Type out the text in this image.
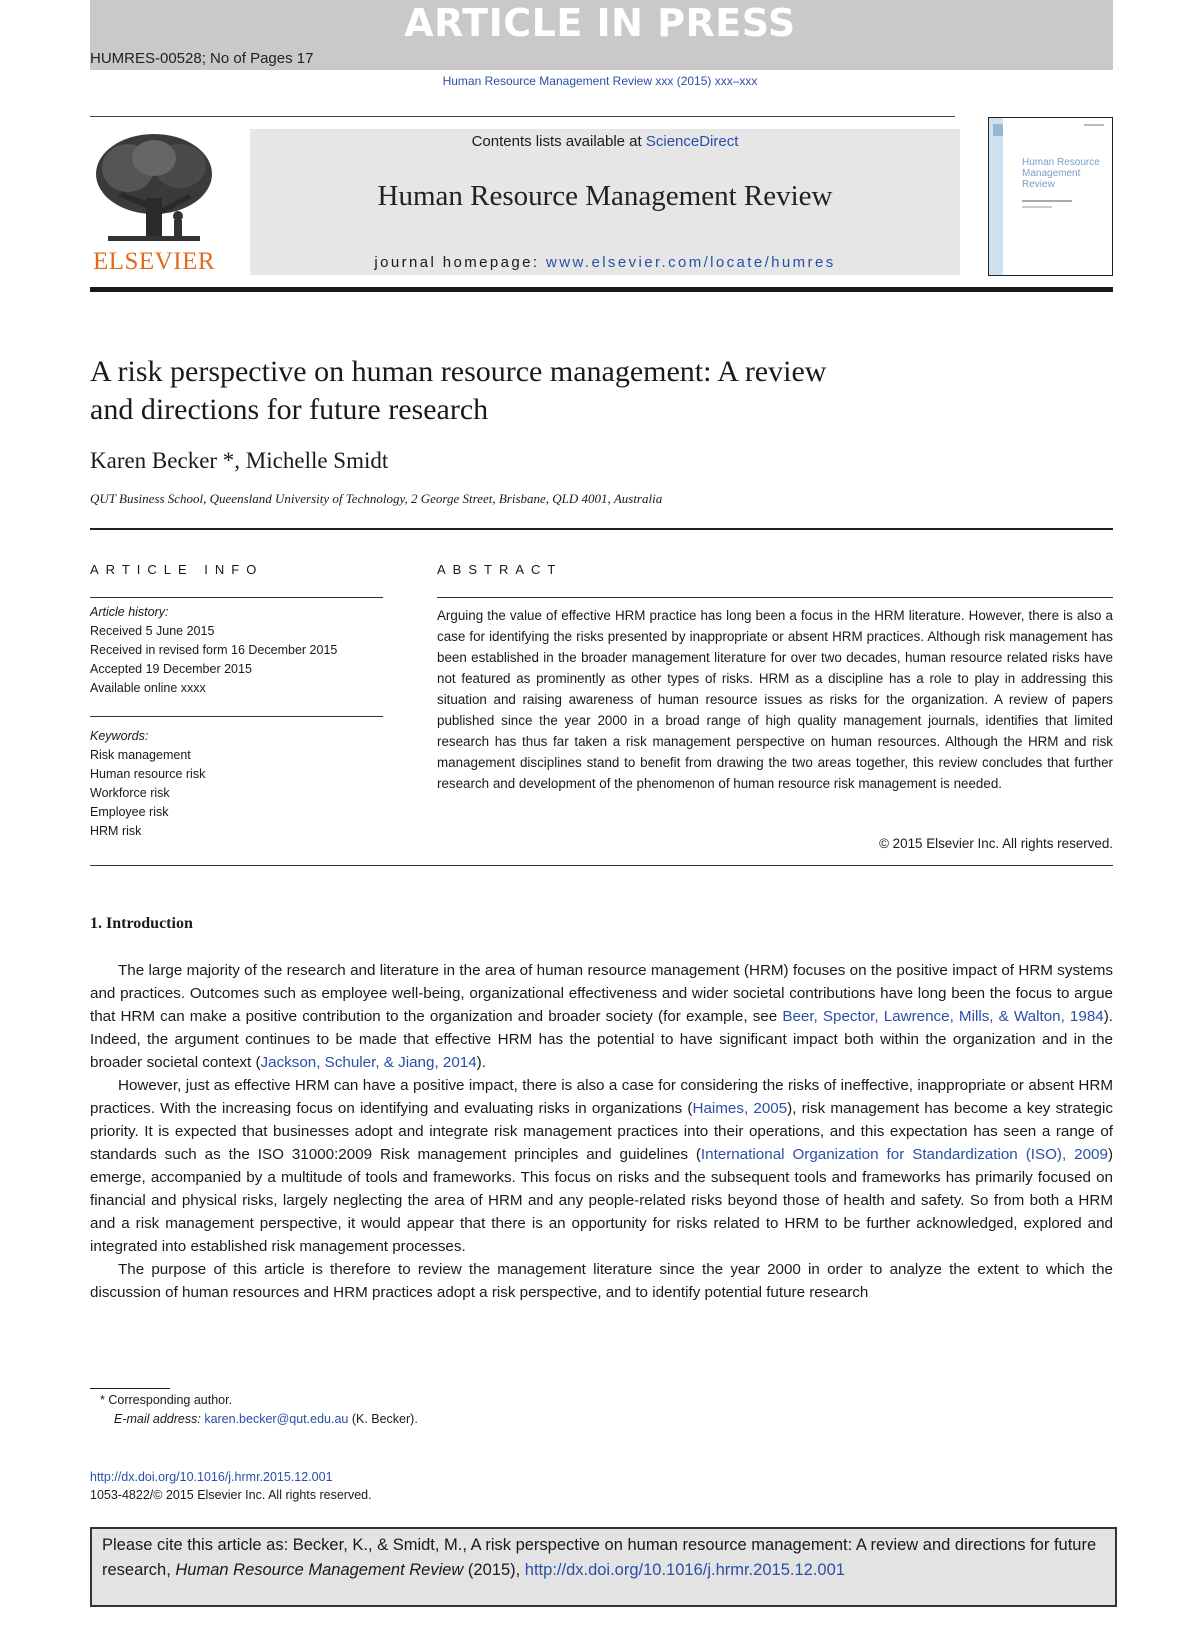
ARTICLE IN PRESS
HUMRES-00528; No of Pages 17
Human Resource Management Review xxx (2015) xxx–xxx
ELSEVIER
Contents lists available at ScienceDirect
Human Resource Management Review
journal homepage: www.elsevier.com/locate/humres
Human Resource Management Review
A risk perspective on human resource management: A review
and directions for future research
Karen Becker *, Michelle Smidt
QUT Business School, Queensland University of Technology, 2 George Street, Brisbane, QLD 4001, Australia
ARTICLE INFO	ABSTRACT
Article history:
Received 5 June 2015
Received in revised form 16 December 2015
Accepted 19 December 2015
Available online xxxx
Keywords:
Risk management
Human resource risk
Workforce risk
Employee risk
HRM risk

Arguing the value of effective HRM practice has long been a focus in the HRM literature. However, there is also a case for identifying the risks presented by inappropriate or absent HRM practices. Although risk management has been established in the broader management literature for over two decades, human resource related risks have not featured as prominently as other types of risks. HRM as a discipline has a role to play in addressing this situation and raising awareness of human resource issues as risks for the organization. A review of papers published since the year 2000 in a broad range of high quality management journals, identifies that limited research has thus far taken a risk management perspective on human resources. Although the HRM and risk management disciplines stand to benefit from drawing the two areas together, this review concludes that further research and development of the phenomenon of human resource risk management is needed.

© 2015 Elsevier Inc. All rights reserved.
1. Introduction

The large majority of the research and literature in the area of human resource management (HRM) focuses on the positive impact of HRM systems and practices. Outcomes such as employee well-being, organizational effectiveness and wider societal contributions have long been the focus to argue that HRM can make a positive contribution to the organization and broader society (for example, see Beer, Spector, Lawrence, Mills, & Walton, 1984). Indeed, the argument continues to be made that effective HRM has the potential to have significant impact both within the organization and in the broader societal context (Jackson, Schuler, & Jiang, 2014).

However, just as effective HRM can have a positive impact, there is also a case for considering the risks of ineffective, inappropriate or absent HRM practices. With the increasing focus on identifying and evaluating risks in organizations (Haimes, 2005), risk management has become a key strategic priority. It is expected that businesses adopt and integrate risk management practices into their operations, and this expectation has seen a range of standards such as the ISO 31000:2009 Risk management principles and guidelines (International Organization for Standardization (ISO), 2009) emerge, accompanied by a multitude of tools and frameworks. This focus on risks and the subsequent tools and frameworks has primarily focused on financial and physical risks, largely neglecting the area of HRM and any people-related risks beyond those of health and safety. So from both a HRM and a risk management perspective, it would appear that there is an opportunity for risks related to HRM to be further acknowledged, explored and integrated into established risk management processes.

The purpose of this article is therefore to review the management literature since the year 2000 in order to analyze the extent to which the discussion of human resources and HRM practices adopt a risk perspective, and to identify potential future research

* Corresponding author.
E-mail address: karen.becker@qut.edu.au (K. Becker).
http://dx.doi.org/10.1016/j.hrmr.2015.12.001
1053-4822/© 2015 Elsevier Inc. All rights reserved.
Please cite this article as: Becker, K., & Smidt, M., A risk perspective on human resource management: A review and directions for future research, Human Resource Management Review (2015), http://dx.doi.org/10.1016/j.hrmr.2015.12.001
